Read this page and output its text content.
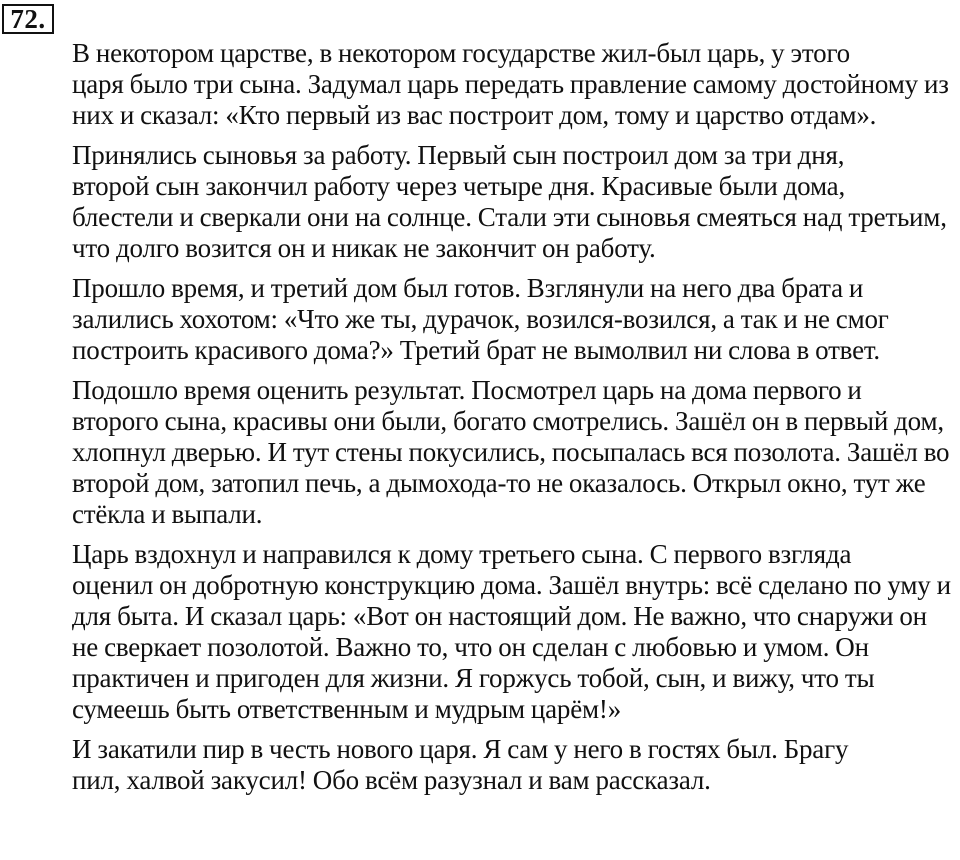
72.

В некотором царстве, в некотором государстве жил-был царь, у этого
царя было три сына. Задумал царь передать правление самому достойному из
них и сказал: «Кто первый из вас построит дом, тому и царство отдам».

Принялись сыновья за работу. Первый сын построил дом за три дня,
второй сын закончил работу через четыре дня. Красивые были дома,
блестели и сверкали они на солнце. Стали эти сыновья смеяться над третьим,
что долго возится он и никак не закончит он работу.

Прошло время, и третий дом был готов. Взглянули на него два брата и
залились хохотом: «Что же ты, дурачок, возился-возился, а так и не смог
построить красивого дома?» Третий брат не вымолвил ни слова в ответ.

Подошло время оценить результат. Посмотрел царь на дома первого и
второго сына, красивы они были, богато смотрелись. Зашёл он в первый дом,
хлопнул дверью. И тут стены покусились, посыпалась вся позолота. Зашёл во
второй дом, затопил печь, а дымохода-то не оказалось. Открыл окно, тут же
стёкла и выпали.

Царь вздохнул и направился к дому третьего сына. С первого взгляда
оценил он добротную конструкцию дома. Зашёл внутрь: всё сделано по уму и
для быта. И сказал царь: «Вот он настоящий дом. Не важно, что снаружи он
не сверкает позолотой. Важно то, что он сделан с любовью и умом. Он
практичен и пригоден для жизни. Я горжусь тобой, сын, и вижу, что ты
сумеешь быть ответственным и мудрым царём!»

И закатили пир в честь нового царя. Я сам у него в гостях был. Брагу
пил, халвой закусил! Обо всём разузнал и вам рассказал.
